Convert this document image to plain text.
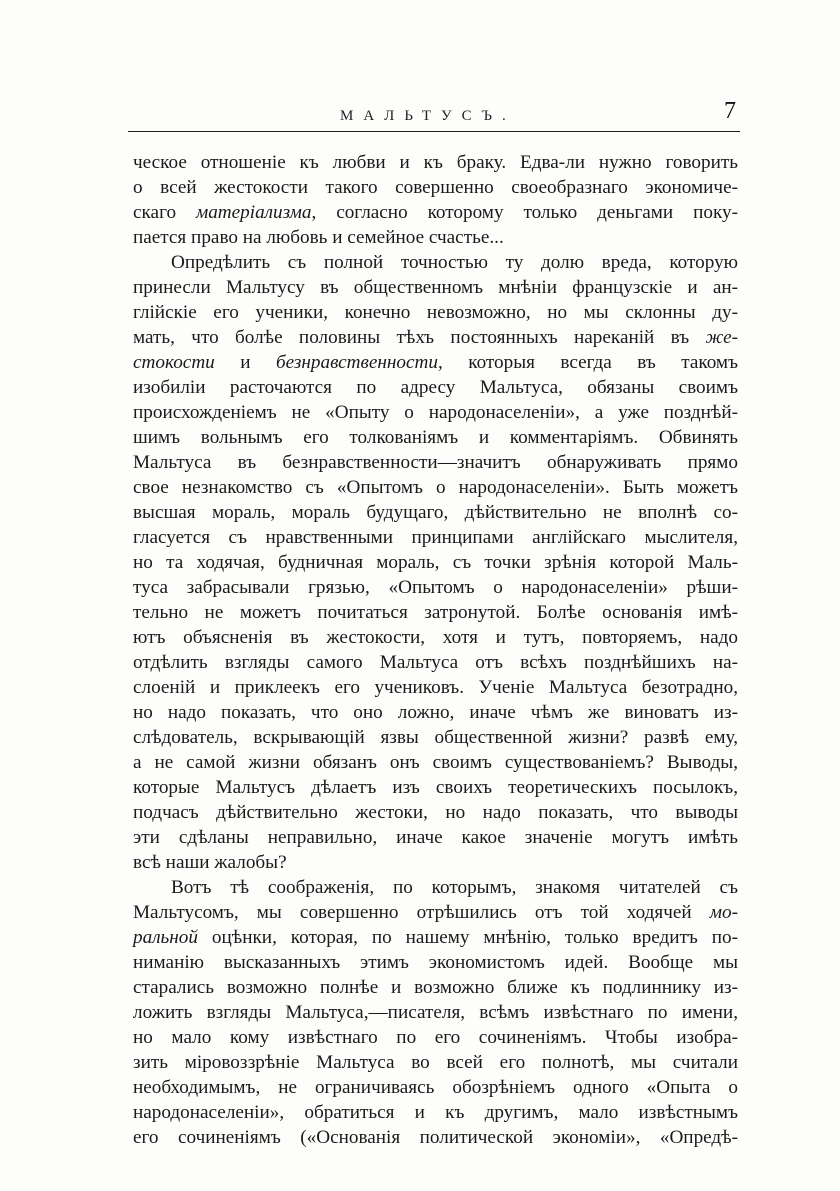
МАЛЬТУСЪ.	7
ческое отношеніе къ любви и къ браку. Едва-ли нужно говорить
о всей жестокости такого совершенно своеобразнаго экономиче-
скаго матеріализма, согласно которому только деньгами поку-
пается право на любовь и семейное счастье...
Опредѣлить съ полной точностью ту долю вреда, которую
принесли Мальтусу въ общественномъ мнѣніи французскіе и ан-
глійскіе его ученики, конечно невозможно, но мы склонны ду-
мать, что болѣе половины тѣхъ постоянныхъ нареканій въ же-
стокости и безнравственности, которыя всегда въ такомъ
изобиліи расточаются по адресу Мальтуса, обязаны своимъ
происхожденіемъ не «Опыту о народонаселеніи», а уже позднѣй-
шимъ вольнымъ его толкованіямъ и комментаріямъ. Обвинять
Мальтуса въ безнравственности—значитъ обнаруживать прямо
свое незнакомство съ «Опытомъ о народонаселеніи». Быть можетъ
высшая мораль, мораль будущаго, дѣйствительно не вполнѣ со-
гласуется съ нравственными принципами англійскаго мыслителя,
но та ходячая, будничная мораль, съ точки зрѣнія которой Маль-
туса забрасывали грязью, «Опытомъ о народонаселеніи» рѣши-
тельно не можетъ почитаться затронутой. Болѣе основанія имѣ-
ютъ объясненія въ жестокости, хотя и тутъ, повторяемъ, надо
отдѣлить взгляды самого Мальтуса отъ всѣхъ позднѣйшихъ на-
слоеній и приклеекъ его учениковъ. Ученіе Мальтуса безотрадно,
но надо показать, что оно ложно, иначе чѣмъ же виноватъ из-
слѣдователь, вскрывающій язвы общественной жизни? развѣ ему,
а не самой жизни обязанъ онъ своимъ существованіемъ? Выводы,
которые Мальтусъ дѣлаетъ изъ своихъ теоретическихъ посылокъ,
подчасъ дѣйствительно жестоки, но надо показать, что выводы
эти сдѣланы неправильно, иначе какое значеніе могутъ имѣть
всѣ наши жалобы?
Вотъ тѣ соображенія, по которымъ, знакомя читателей съ
Мальтусомъ, мы совершенно отрѣшились отъ той ходячей мо-
ральной оцѣнки, которая, по нашему мнѣнію, только вредитъ по-
ниманію высказанныхъ этимъ экономистомъ идей. Вообще мы
старались возможно полнѣе и возможно ближе къ подлиннику из-
ложить взгляды Мальтуса,—писателя, всѣмъ извѣстнаго по имени,
но мало кому извѣстнаго по его сочиненіямъ. Чтобы изобра-
зить міровоззрѣніе Мальтуса во всей его полнотѣ, мы считали
необходимымъ, не ограничиваясь обозрѣніемъ одного «Опыта о
народонаселеніи», обратиться и къ другимъ, мало извѣстнымъ
его сочиненіямъ («Основанія политической экономіи», «Опредѣ-
